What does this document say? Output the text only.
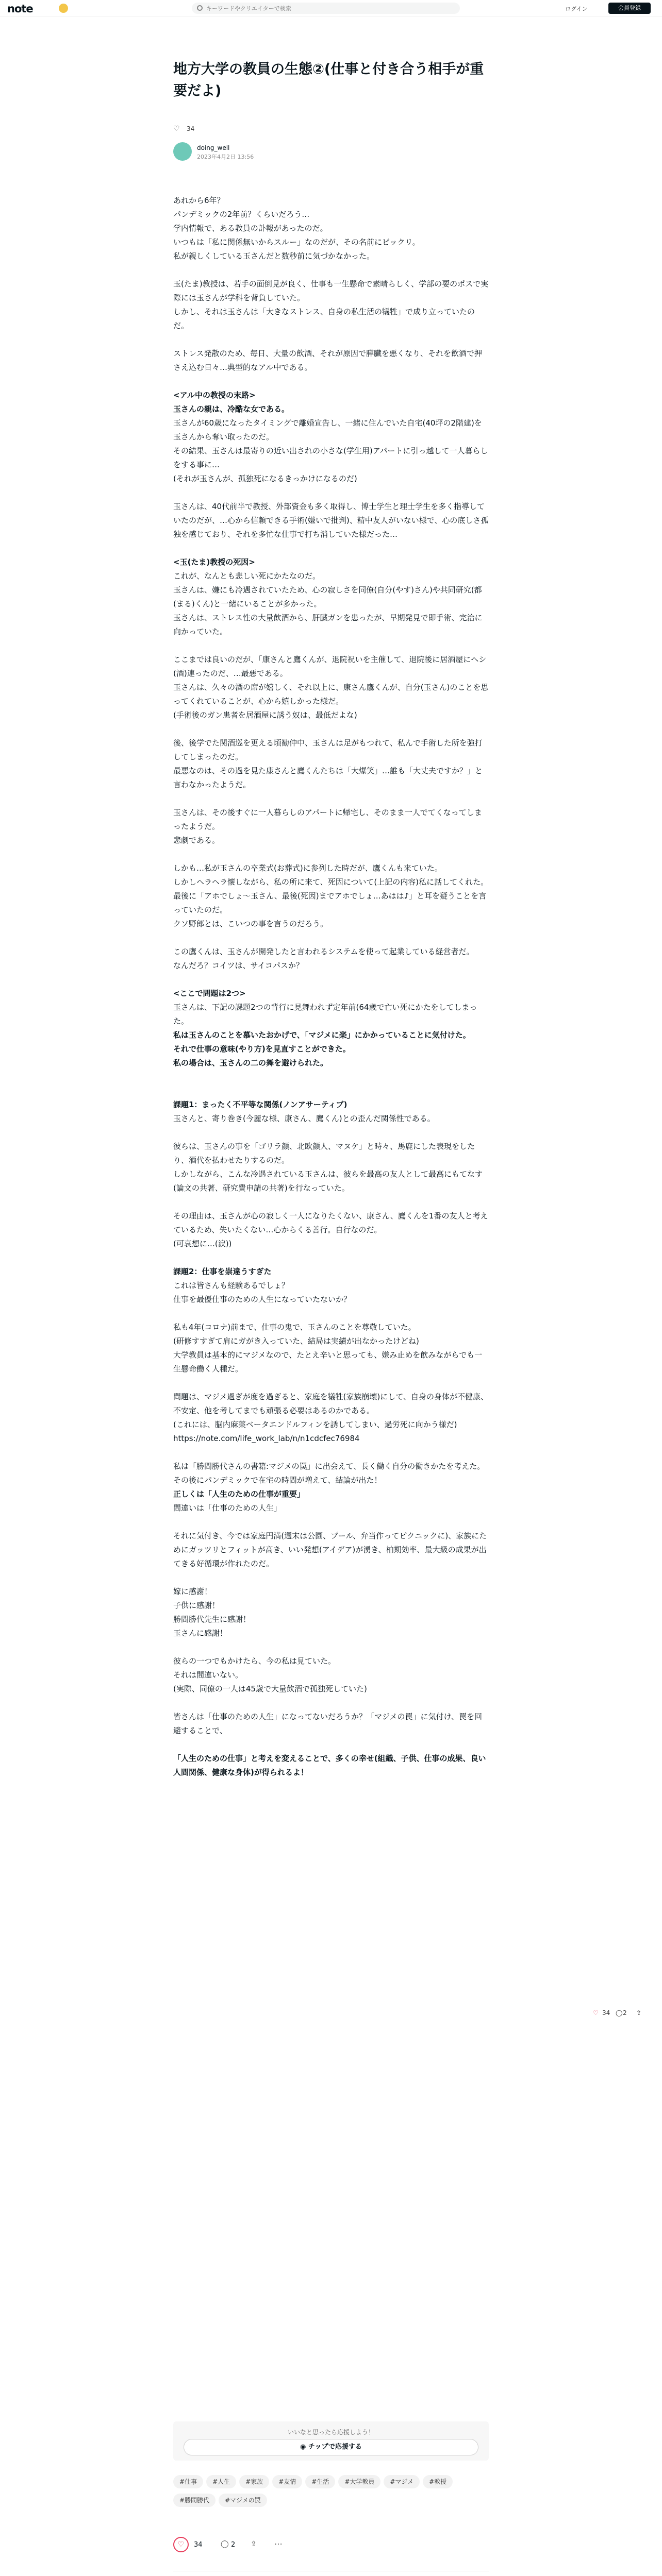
note
キーワードやクリエイターで検索	ログイン	会員登録
地方大学の教員の生態②(仕事と付き合う相手が重要だよ)
♡ 34
doing_well
2023年4月2日 13:56

あれから6年？

パンデミックの2年前？くらいだろう…

学内情報で、ある教員の訃報があったのだ。

いつもは「私に関係無いからスルー」なのだが、その名前にビックリ。

私が親しくしている玉さんだと数秒前に気づかなかった。

玉(たま)教授は、若手の面倒見が良く、仕事も一生懸命で素晴らしく、学部の要のポスで実際には玉さんが学科を背負していた。

しかし、それは玉さんは「大きなストレス、自身の私生活の犠牲」で成り立っていたのだ。

ストレス発散のため、毎日、大量の飲酒、それが原因で膵臓を悪くなり、それを飲酒で押さえ込む日々…典型的なアル中である。

<アル中の教授の末路>

玉さんの親は、冷酷な女である。

玉さんが60歳になったタイミングで離婚宣告し、一緒に住んでいた自宅(40坪の2階建)を玉さんから奪い取ったのだ。

その結果、玉さんは最寄りの近い出されの小さな(学生用)アパートに引っ越して一人暮らしをする事に…

(それが玉さんが、孤独死になるきっかけになるのだ)

玉さんは、40代前半で教授、外部資金も多く取得し、博士学生と理士学生を多く指導していたのだが、…心から信頼できる手術(嫌いで批判)、精中友人がいない様で、心の底しさ孤独を感じており、それを多忙な仕事で打ち消していた様だった…

<玉(たま)教授の死因>

これが、なんとも悲しい死にかたなのだ。

玉さんは、嫌にも冷遇されていたため、心の寂しさを同僚(自分(やす)さん)や共同研究(都(まる)くん)と一緒にいることが多かった。

玉さんは、ストレス性の大量飲酒から、肝臓ガンを患ったが、早期発見で即手術、完治に向かっていた。

ここまでは良いのだが、「康さんと鷹くんが、退院祝いを主催して、退院後に居酒屋にヘシ(酒)連ったのだ、…最悪である。

玉さんは、久々の酒の席が嬉しく、それ以上に、康さん鷹くんが、自分(玉さん)のことを思ってくれていることが、心から嬉しかった様だ。

(手術後のガン患者を居酒屋に誘う奴は、最低だよな)

後、後学でた関酒巡を更える頃勧仲中、玉さんは足がもつれて、私んで手術した所を強打してしまったのだ。

最悪なのは、その過を見た康さんと鷹くんたちは「大爆笑」…誰も「大丈夫ですか？」と言わなかったようだ。

玉さんは、その後すぐに一人暮らしのアパートに帰宅し、そのまま一人でてくなってしまったようだ。

悲劇である。

しかも…私が玉さんの卒業式(お葬式)に参列した時だが、鷹くんも来ていた。

しかしヘラヘラ懐しながら、私の所に来て、死因について(上記の内容)私に話してくれた。

最後に「アホでしょ〜玉さん、最後(死因)までアホでしょ…あはは♪」と耳を疑うことを言っていたのだ。

クソ野郎とは、こいつの事を言うのだろう。

この鷹くんは、玉さんが開発したと言われるシステムを使って起業している経営者だ。

なんだろ？コイツは、サイコパスか？

<ここで問題は2つ>

玉さんは、下記の課題2つの背行に見舞われず定年前(64歳で亡い死にかたをしてしまった。

私は玉さんのことを慕いたおかげで、「マジメに楽」にかかっていることに気付けた。

それで仕事の意味(やり方)を見直すことができた。

私の場合は、玉さんの二の舞を避けられた。

課題1：まったく不平等な関係(ノンアサーティブ)

玉さんと、寄り巻き(今麗な様、康さん、鷹くん)との歪んだ関係性である。

彼らは、玉さんの事を「ゴリラ顔、北欧顔人、マヌケ」と時々、馬鹿にした表現をしたり、酒代を払わせたりするのだ。

しかしながら、こんな冷遇されている玉さんは、彼らを最高の友人として最高にもてなす(論文の共著、研究費申請の共著)を行なっていた。

その理由は、玉さんが心の寂しく一人になりたくない、康さん、鷹くんを1番の友人と考えているため、失いたくない…心からくる善行。自行なのだ。

(可哀想に…(涙))

課題2：仕事を崇違うすぎた

これは皆さんも経験あるでしょ？

仕事を最優仕事のための人生になっていたないか？

私も4年(コロナ)前まで、仕事の鬼で、玉さんのことを尊敬していた。

(研修すすぎて肩にガがき入っていた、結局は実績が出なかったけどね)

大学教員は基本的にマジメなので、たとえ辛いと思っても、嫌み止めを飲みながらでも一生懸命働く人種だ。

問題は、マジメ過ぎが度を過ぎると、家庭を犠牲(家族崩壊)にして、自身の身体が不健康、不安定、他を考してまでも頑張る必要はあるのかである。

(これには、脳内麻薬ベータエンドルフィンを誘してしまい、過労死に向かう様だ)

https://note.com/life_work_lab/n/n1cdcfec76984

私は「勝間勝代さんの書籍:マジメの罠」に出会えて、長く働く自分の働きかたを考えた。その後にパンデミックで在宅の時間が増えて、結論が出た！

正しくは「人生のための仕事が重要」

間違いは「仕事のための人生」

それに気付き、今では家庭円満(週末は公園、プール、弁当作ってピクニックに)、家族にためにガッツリとフィットが高き、いい発想(アイデア)が湧き、柏期効率、最大級の成果が出てきる好循環が作れたのだ。

嫁に感謝！

子供に感謝！

勝間勝代先生に感謝！

玉さんに感謝！

彼らの一つでもかけたら、今の私は見ていた。

それは間違いない。

(実際、同僚の一人は45歳で大量飲酒で孤独死していた)

皆さんは「仕事のための人生」になってないだろうか？「マジメの罠」に気付け、罠を回避することで、

「人生のための仕事」と考えを変えることで、多くの幸せ(組織、子供、仕事の成果、良い人間関係、健康な身体)が得られるよ！

♡ 34 ◯ 2 ⇪
いいなと思ったら応援しよう！
◉ チップで応援する
#仕事	#人生	#家族	#友情	#生活	#大学教員	#マジメ	#教授#勝間勝代	#マジメの罠
♡	34	◯ 2 ⇪ ⋯
